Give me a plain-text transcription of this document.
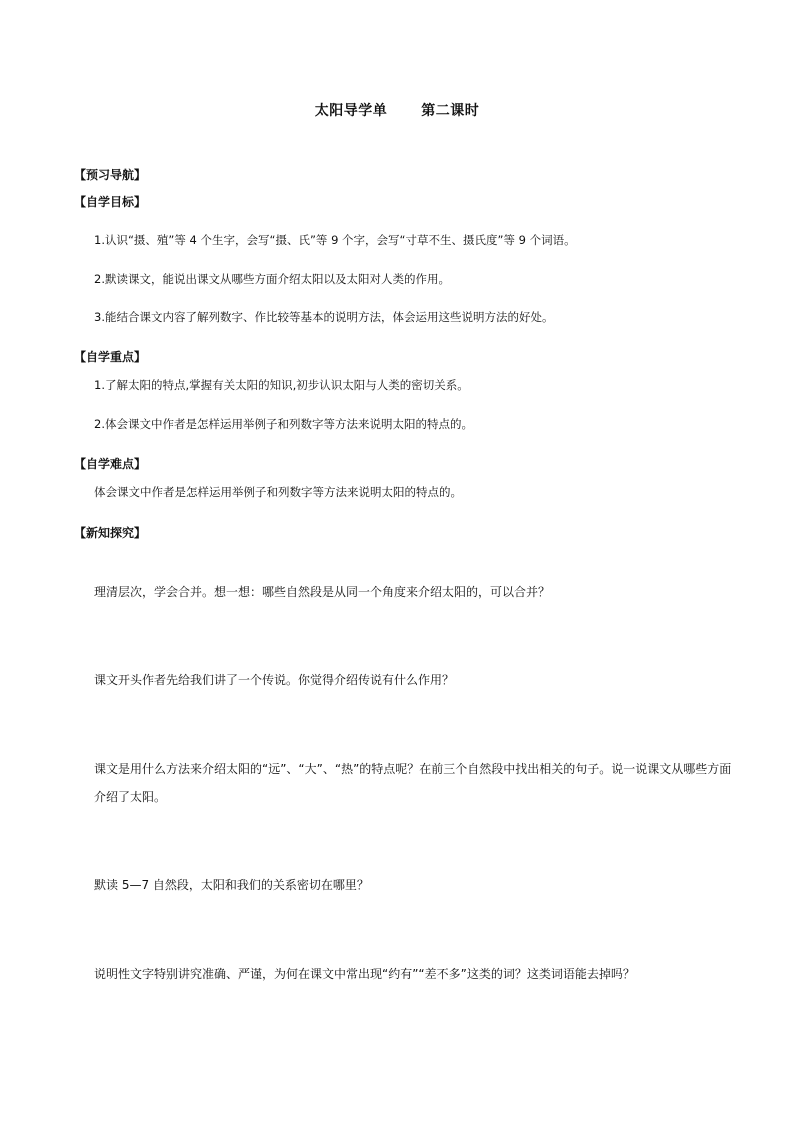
太阳导学单 第二课时
【预习导航】
【自学目标】
1.认识“摄、殖”等 4 个生字，会写“摄、氏”等 9 个字，会写“寸草不生、摄氏度”等 9 个词语。
2.默读课文，能说出课文从哪些方面介绍太阳以及太阳对人类的作用。
3.能结合课文内容了解列数字、作比较等基本的说明方法，体会运用这些说明方法的好处。
【自学重点】
1.了解太阳的特点,掌握有关太阳的知识,初步认识太阳与人类的密切关系。
2.体会课文中作者是怎样运用举例子和列数字等方法来说明太阳的特点的。
【自学难点】
体会课文中作者是怎样运用举例子和列数字等方法来说明太阳的特点的。
【新知探究】
理清层次，学会合并。想一想：哪些自然段是从同一个角度来介绍太阳的，可以合并？
课文开头作者先给我们讲了一个传说。你觉得介绍传说有什么作用？
课文是用什么方法来介绍太阳的“远”、“大”、“热”的特点呢？在前三个自然段中找出相关的句子。说一说课文从哪些方面介绍了太阳。
默读 5—7 自然段，太阳和我们的关系密切在哪里？
说明性文字特别讲究准确、严谨，为何在课文中常出现“约有”“差不多”这类的词？这类词语能去掉吗？
